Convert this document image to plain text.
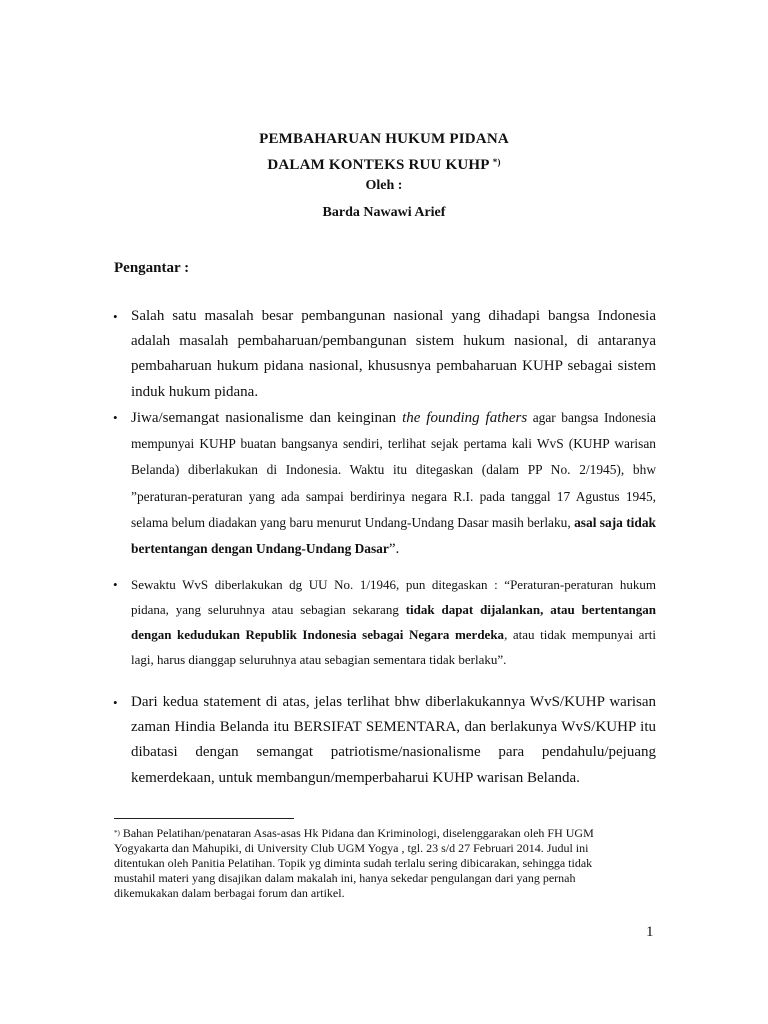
PEMBAHARUAN HUKUM PIDANA
DALAM KONTEKS RUU KUHP *)
Oleh :
Barda Nawawi Arief
Pengantar :
• Salah satu masalah besar pembangunan nasional yang dihadapi bangsa Indonesia adalah masalah pembaharuan/pembangunan sistem hukum nasional, di antaranya pembaharuan hukum pidana nasional, khususnya pembaharuan KUHP sebagai sistem induk hukum pidana.
• Jiwa/semangat nasionalisme dan keinginan the founding fathers agar bangsa Indonesia mempunyai KUHP buatan bangsanya sendiri, terlihat sejak pertama kali WvS (KUHP warisan Belanda) diberlakukan di Indonesia. Waktu itu ditegaskan (dalam PP No. 2/1945), bhw ”peraturan-peraturan yang ada sampai berdirinya negara R.I. pada tanggal 17 Agustus 1945, selama belum diadakan yang baru menurut Undang-Undang Dasar masih berlaku, asal saja tidak bertentangan dengan Undang-Undang Dasar”.
• Sewaktu WvS diberlakukan dg UU No. 1/1946, pun ditegaskan : “Peraturan-peraturan hukum pidana, yang seluruhnya atau sebagian sekarang tidak dapat dijalankan, atau bertentangan dengan kedudukan Republik Indonesia sebagai Negara merdeka, atau tidak mempunyai arti lagi, harus dianggap seluruhnya atau sebagian sementara tidak berlaku”.
• Dari kedua statement di atas, jelas terlihat bhw diberlakukannya WvS/KUHP warisan zaman Hindia Belanda itu BERSIFAT SEMENTARA, dan berlakunya WvS/KUHP itu dibatasi dengan semangat patriotisme/nasionalisme para pendahulu/pejuang kemerdekaan, untuk membangun/memperbaharui KUHP warisan Belanda.
*) Bahan Pelatihan/penataran Asas-asas Hk Pidana dan Kriminologi, diselenggarakan oleh FH UGM Yogyakarta dan Mahupiki, di University Club UGM Yogya , tgl. 23 s/d 27 Februari 2014. Judul ini ditentukan oleh Panitia Pelatihan. Topik yg diminta sudah terlalu sering dibicarakan, sehingga tidak mustahil materi yang disajikan dalam makalah ini, hanya sekedar pengulangan dari yang pernah dikemukakan dalam berbagai forum dan artikel.
1
